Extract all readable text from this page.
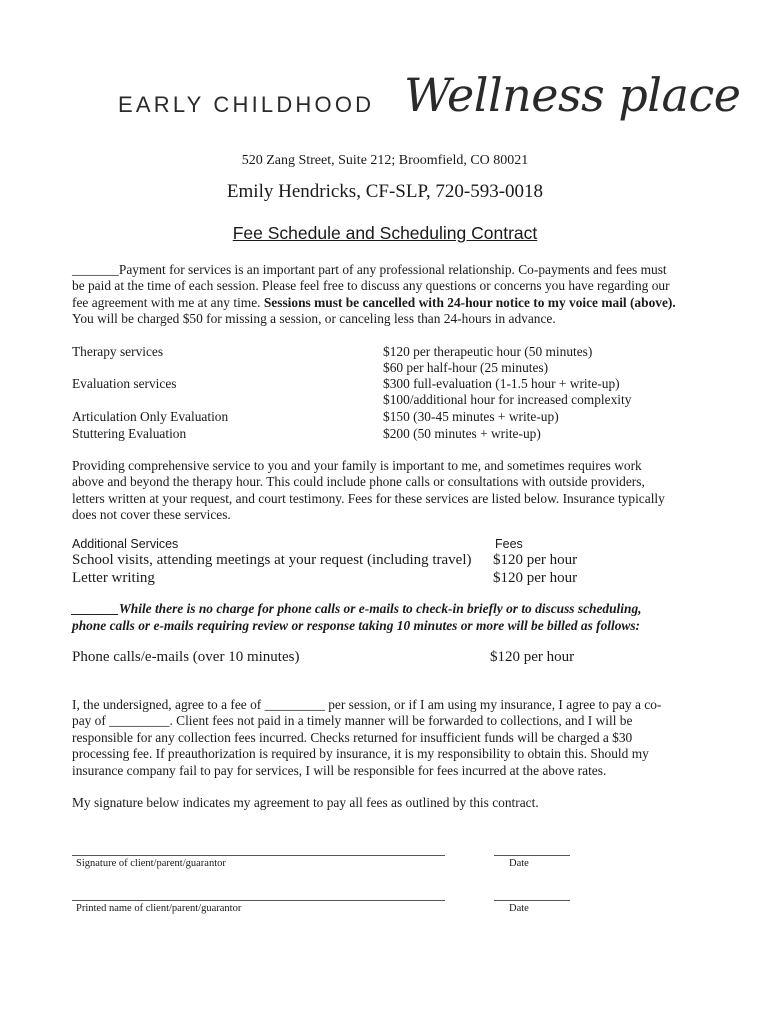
EARLY CHILDHOOD Wellness place
520 Zang Street, Suite 212; Broomfield, CO 80021
Emily Hendricks, CF-SLP, 720-593-0018
Fee Schedule and Scheduling Contract
_______Payment for services is an important part of any professional relationship. Co-payments and fees must
be paid at the time of each session. Please feel free to discuss any questions or concerns you have regarding our
fee agreement with me at any time. Sessions must be cancelled with 24-hour notice to my voice mail (above).
You will be charged $50 for missing a session, or canceling less than 24-hours in advance.
Therapy services	$120 per therapeutic hour (50 minutes)
$60 per half-hour (25 minutes)
Evaluation services	$300 full-evaluation (1-1.5 hour + write-up)
$100/additional hour for increased complexity
Articulation Only Evaluation	$150 (30-45 minutes + write-up)
Stuttering Evaluation	$200 (50 minutes + write-up)
Providing comprehensive service to you and your family is important to me, and sometimes requires work
above and beyond the therapy hour. This could include phone calls or consultations with outside providers,
letters written at your request, and court testimony. Fees for these services are listed below. Insurance typically
does not cover these services.
Additional Services	Fees
School visits, attending meetings at your request (including travel) $120 per hour
Letter writing	$120 per hour
_______While there is no charge for phone calls or e-mails to check-in briefly or to discuss scheduling,
phone calls or e-mails requiring review or response taking 10 minutes or more will be billed as follows:
Phone calls/e-mails (over 10 minutes)	$120 per hour
I, the undersigned, agree to a fee of _________ per session, or if I am using my insurance, I agree to pay a co-
pay of _________. Client fees not paid in a timely manner will be forwarded to collections, and I will be
responsible for any collection fees incurred. Checks returned for insufficient funds will be charged a $30
processing fee. If preauthorization is required by insurance, it is my responsibility to obtain this. Should my
insurance company fail to pay for services, I will be responsible for fees incurred at the above rates.
My signature below indicates my agreement to pay all fees as outlined by this contract.
Signature of client/parent/guarantor	Date
Printed name of client/parent/guarantor	Date
